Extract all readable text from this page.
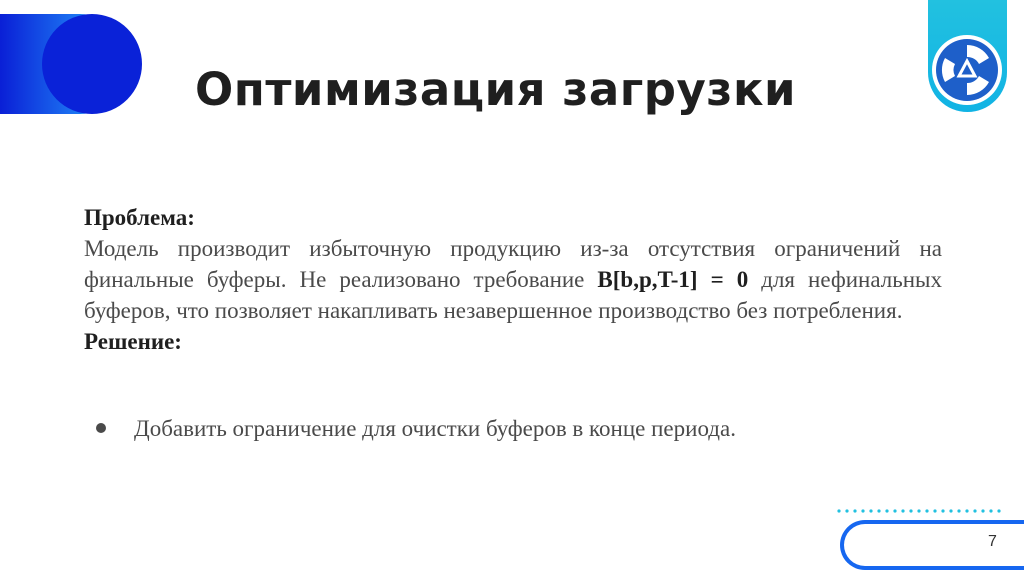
Оптимизация загрузки
Проблема:
Модель производит избыточную продукцию из-за отсутствия ограничений на финальные буферы. Не реализовано требование B[b,p,T-1] = 0 для нефинальных буферов, что позволяет накапливать незавершенное производство без потребления.
Решение:
Добавить ограничение для очистки буферов в конце периода.
7
